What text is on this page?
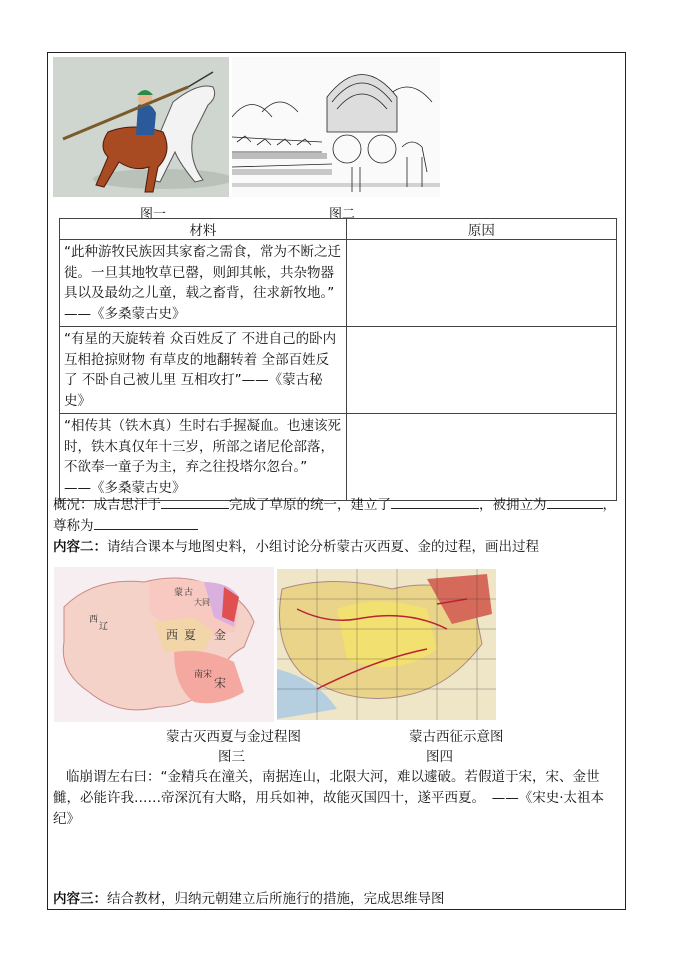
图一	图二
材料	原因
“此种游牧民族因其家畜之需食，常为不断之迁徙。一旦其地牧草已罄，则卸其帐，共杂物器具以及最幼之儿童，载之畜背，往求新牧地。”　　——《多桑蒙古史》	
“有星的天旋转着 众百姓反了 不进自己的卧内 互相抢掠财物 有草皮的地翻转着 全部百姓反了 不卧自己被儿里 互相攻打”——《蒙古秘史》	
“相传其（铁木真）生时右手握凝血。也速该死时，铁木真仅年十三岁，所部之诸尼伦部落，不欲奉一童子为主，弃之往投塔尔忽台。”　——《多桑蒙古史》	
概况：成吉思汗于	完成了草原的统一，建立了	，被拥立为	，
尊称为
内容二：请结合课本与地图史料，小组讨论分析蒙古灭西夏、金的过程，画出过程
西 夏 金
南宋
宋
西
辽
大同
蒙 古
蒙古灭西夏与金过程图	蒙古西征示意图
图三	图四
临崩谓左右曰：“金精兵在潼关，南据连山，北限大河，难以遽破。若假道于宋，宋、金世雠，必能许我……帝深沉有大略，用兵如神，故能灭国四十，遂平西夏。　——《宋史·太祖本纪》
内容三：结合教材，归纳元朝建立后所施行的措施，完成思维导图
